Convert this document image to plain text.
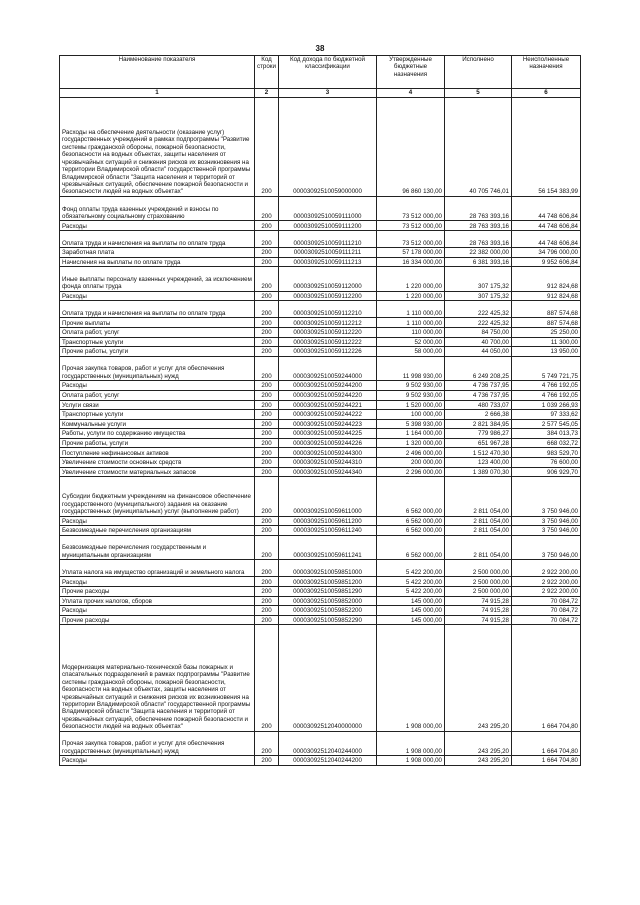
38
Наименование показателя	Код строки	Код дохода по бюджетной классификации	Утвержденные бюджетные назначения	Исполнено	Неисполненные назначения
1	2	3	4	5	6
Расходы на обеспечение деятельности (оказание услуг) государственных учреждений в рамках подпрограммы "Развитие системы гражданской обороны, пожарной безопасности, безопасности на водных объектах, защиты населения от чрезвычайных ситуаций и снижения рисков их возникновения на территории Владимирской области" государственной программы Владимирской области "Защита населения и территорий от чрезвычайных ситуаций, обеспечение пожарной безопасности и безопасности людей на водных объектах"	200	00003092510059000000	96 860 130,00	40 705 746,01	56 154 383,99
Фонд оплаты труда казенных учреждений и взносы по обязательному социальному страхованию	200	00003092510059111000	73 512 000,00	28 763 393,16	44 748 606,84
Расходы	200	00003092510059111200	73 512 000,00	28 763 393,16	44 748 606,84
Оплата труда и начисления на выплаты по оплате труда	200	00003092510059111210	73 512 000,00	28 763 393,16	44 748 606,84
Заработная плата	200	00003092510059111211	57 178 000,00	22 382 000,00	34 796 000,00
Начисления на выплаты по оплате труда	200	00003092510059111213	16 334 000,00	6 381 393,16	9 952 606,84
Иные выплаты персоналу казенных учреждений, за исключением фонда оплаты труда	200	00003092510059112000	1 220 000,00	307 175,32	912 824,68
Расходы	200	00003092510059112200	1 220 000,00	307 175,32	912 824,68
Оплата труда и начисления на выплаты по оплате труда	200	00003092510059112210	1 110 000,00	222 425,32	887 574,68
Прочие выплаты	200	00003092510059112212	1 110 000,00	222 425,32	887 574,68
Оплата работ, услуг	200	00003092510059112220	110 000,00	84 750,00	25 250,00
Транспортные услуги	200	00003092510059112222	52 000,00	40 700,00	11 300,00
Прочие работы, услуги	200	00003092510059112226	58 000,00	44 050,00	13 950,00
Прочая закупка товаров, работ и услуг для обеспечения государственных (муниципальных) нужд	200	00003092510059244000	11 998 930,00	6 249 208,25	5 749 721,75
Расходы	200	00003092510059244200	9 502 930,00	4 736 737,95	4 766 192,05
Оплата работ, услуг	200	00003092510059244220	9 502 930,00	4 736 737,95	4 766 192,05
Услуги связи	200	00003092510059244221	1 520 000,00	480 733,07	1 039 266,93
Транспортные услуги	200	00003092510059244222	100 000,00	2 666,38	97 333,62
Коммунальные услуги	200	00003092510059244223	5 398 930,00	2 821 384,95	2 577 545,05
Работы, услуги по содержанию имущества	200	00003092510059244225	1 164 000,00	779 986,27	384 013,73
Прочие работы, услуги	200	00003092510059244226	1 320 000,00	651 967,28	668 032,72
Поступление нефинансовых активов	200	00003092510059244300	2 496 000,00	1 512 470,30	983 529,70
Увеличение стоимости основных средств	200	00003092510059244310	200 000,00	123 400,00	76 600,00
Увеличение стоимости материальных запасов	200	00003092510059244340	2 296 000,00	1 389 070,30	906 929,70
Субсидии бюджетным учреждениям на финансовое обеспечение государственного (муниципального) задания на оказание государственных (муниципальных) услуг (выполнение работ)	200	00003092510059611000	6 562 000,00	2 811 054,00	3 750 946,00
Расходы	200	00003092510059611200	6 562 000,00	2 811 054,00	3 750 946,00
Безвозмездные перечисления организациям	200	00003092510059611240	6 562 000,00	2 811 054,00	3 750 946,00
Безвозмездные перечисления государственным и муниципальным организациям	200	00003092510059611241	6 562 000,00	2 811 054,00	3 750 946,00
Уплата налога на имущество организаций и земельного налога	200	00003092510059851000	5 422 200,00	2 500 000,00	2 922 200,00
Расходы	200	00003092510059851200	5 422 200,00	2 500 000,00	2 922 200,00
Прочие расходы	200	00003092510059851290	5 422 200,00	2 500 000,00	2 922 200,00
Уплата прочих налогов, сборов	200	00003092510059852000	145 000,00	74 915,28	70 084,72
Расходы	200	00003092510059852200	145 000,00	74 915,28	70 084,72
Прочие расходы	200	00003092510059852290	145 000,00	74 915,28	70 084,72
Модернизация материально-технической базы пожарных и спасательных подразделений в рамках подпрограммы "Развитие системы гражданской обороны, пожарной безопасности, безопасности на водных объектах, защиты населения от чрезвычайных ситуаций и снижения рисков их возникновения на территории Владимирской области" государственной программы Владимирской области "Защита населения и территорий от чрезвычайных ситуаций, обеспечение пожарной безопасности и безопасности людей на водных объектах"	200	00003092512040000000	1 908 000,00	243 295,20	1 664 704,80
Прочая закупка товаров, работ и услуг для обеспечения государственных (муниципальных) нужд	200	00003092512040244000	1 908 000,00	243 295,20	1 664 704,80
Расходы	200	00003092512040244200	1 908 000,00	243 295,20	1 664 704,80
